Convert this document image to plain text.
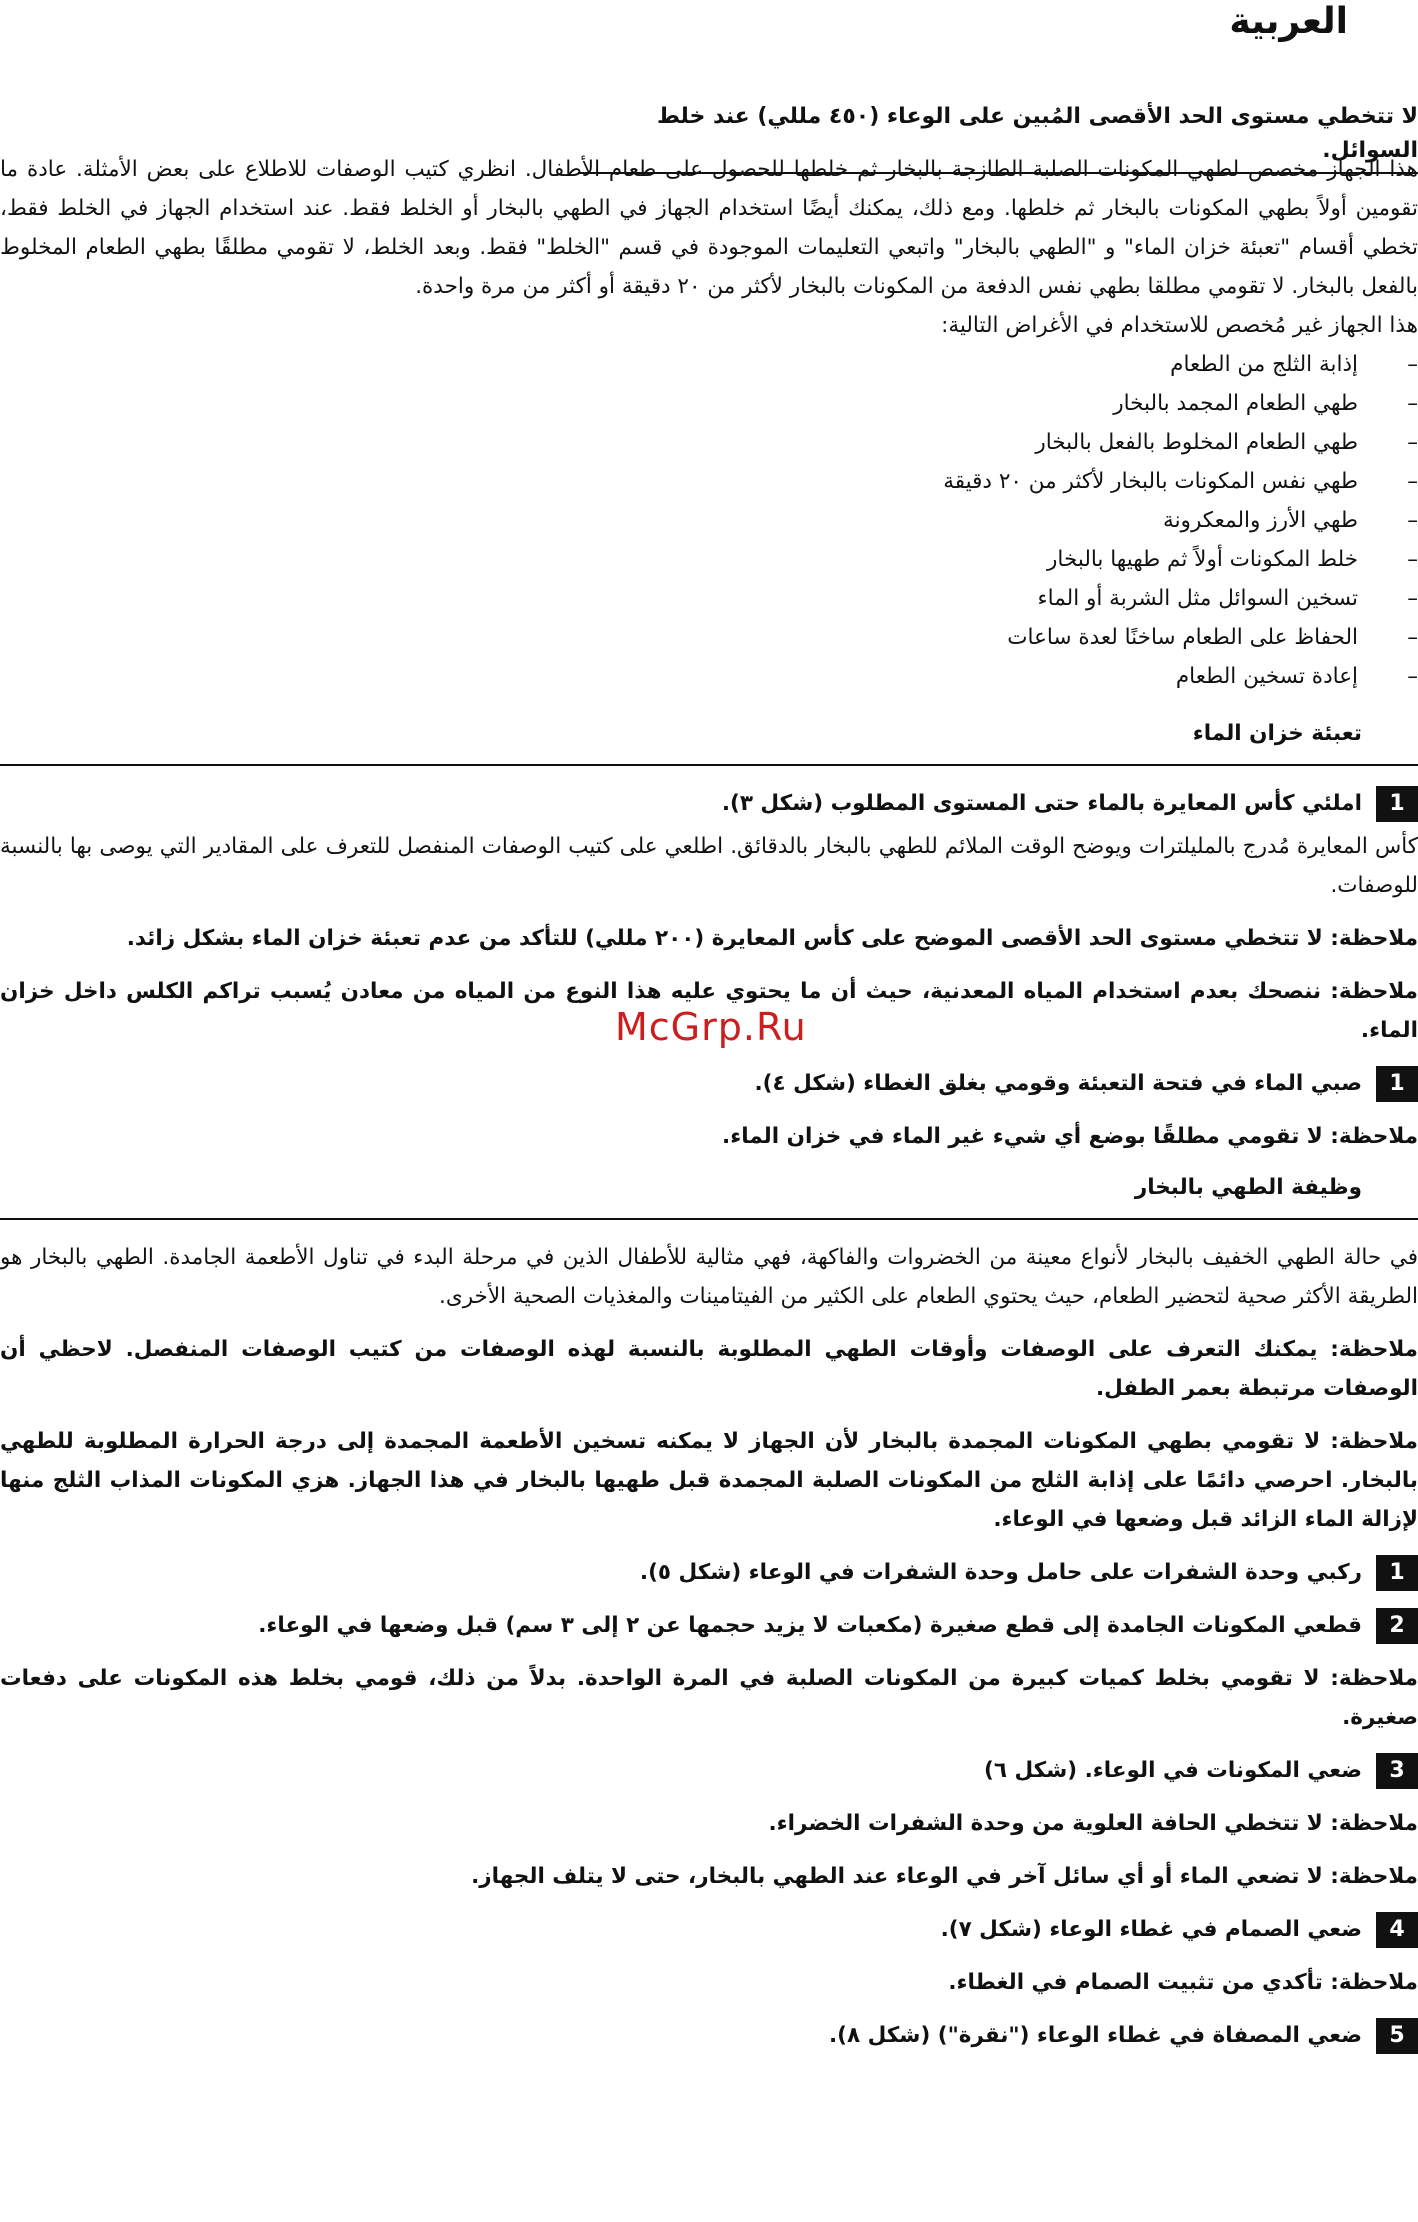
العربية
لا تتخطي مستوى الحد الأقصى المُبين على الوعاء (٤٥٠ مللي) عند خلط السوائل.

هذا الجهاز مخصص لطهي المكونات الصلبة الطازجة بالبخار ثم خلطها للحصول على طعام الأطفال. انظري كتيب الوصفات للاطلاع على بعض الأمثلة. عادة ما تقومين أولاً بطهي المكونات بالبخار ثم خلطها. ومع ذلك، يمكنك أيضًا استخدام الجهاز في الطهي بالبخار أو الخلط فقط. عند استخدام الجهاز في الخلط فقط، تخطي أقسام "تعبئة خزان الماء" و "الطهي بالبخار" واتبعي التعليمات الموجودة في قسم "الخلط" فقط. وبعد الخلط، لا تقومي مطلقًا بطهي الطعام المخلوط بالفعل بالبخار. لا تقومي مطلقا بطهي نفس الدفعة من المكونات بالبخار لأكثر من ٢٠ دقيقة أو أكثر من مرة واحدة.

هذا الجهاز غير مُخصص للاستخدام في الأغراض التالية:

– إذابة الثلج من الطعام
– طهي الطعام المجمد بالبخار
– طهي الطعام المخلوط بالفعل بالبخار
– طهي نفس المكونات بالبخار لأكثر من ٢٠ دقيقة
– طهي الأرز والمعكرونة
– خلط المكونات أولاً ثم طهيها بالبخار
– تسخين السوائل مثل الشربة أو الماء
– الحفاظ على الطعام ساخنًا لعدة ساعات
– إعادة تسخين الطعام
تعبئة خزان الماء
1
املئي كأس المعايرة بالماء حتى المستوى المطلوب (شكل ٣).

كأس المعايرة مُدرج بالمليلترات ويوضح الوقت الملائم للطهي بالبخار بالدقائق. اطلعي على كتيب الوصفات المنفصل للتعرف على المقادير التي يوصى بها بالنسبة للوصفات.

ملاحظة: لا تتخطي مستوى الحد الأقصى الموضح على كأس المعايرة (٢٠٠ مللي) للتأكد من عدم تعبئة خزان الماء بشكل زائد.

ملاحظة: ننصحك بعدم استخدام المياه المعدنية، حيث أن ما يحتوي عليه هذا النوع من المياه من معادن يُسبب تراكم الكلس داخل خزان الماء.

1
صبي الماء في فتحة التعبئة وقومي بغلق الغطاء (شكل ٤).

ملاحظة: لا تقومي مطلقًا بوضع أي شيء غير الماء في خزان الماء.

وظيفة الطهي بالبخار

في حالة الطهي الخفيف بالبخار لأنواع معينة من الخضروات والفاكهة، فهي مثالية للأطفال الذين في مرحلة البدء في تناول الأطعمة الجامدة. الطهي بالبخار هو الطريقة الأكثر صحية لتحضير الطعام، حيث يحتوي الطعام على الكثير من الفيتامينات والمغذيات الصحية الأخرى.

ملاحظة: يمكنك التعرف على الوصفات وأوقات الطهي المطلوبة بالنسبة لهذه الوصفات من كتيب الوصفات المنفصل. لاحظي أن الوصفات مرتبطة بعمر الطفل.

ملاحظة: لا تقومي بطهي المكونات المجمدة بالبخار لأن الجهاز لا يمكنه تسخين الأطعمة المجمدة إلى درجة الحرارة المطلوبة للطهي بالبخار. احرصي دائمًا على إذابة الثلج من المكونات الصلبة المجمدة قبل طهيها بالبخار في هذا الجهاز. هزي المكونات المذاب الثلج منها لإزالة الماء الزائد قبل وضعها في الوعاء.

1
ركبي وحدة الشفرات على حامل وحدة الشفرات في الوعاء (شكل ٥).
2
قطعي المكونات الجامدة إلى قطع صغيرة (مكعبات لا يزيد حجمها عن ٢ إلى ٣ سم) قبل وضعها في الوعاء.

ملاحظة: لا تقومي بخلط كميات كبيرة من المكونات الصلبة في المرة الواحدة. بدلاً من ذلك، قومي بخلط هذه المكونات على دفعات صغيرة.

3
ضعي المكونات في الوعاء. (شكل ٦)

ملاحظة: لا تتخطي الحافة العلوية من وحدة الشفرات الخضراء.

ملاحظة: لا تضعي الماء أو أي سائل آخر في الوعاء عند الطهي بالبخار، حتى لا يتلف الجهاز.

4
ضعي الصمام في غطاء الوعاء (شكل ٧).

ملاحظة: تأكدي من تثبيت الصمام في الغطاء.

5
ضعي المصفاة في غطاء الوعاء ("نقرة") (شكل ٨).
McGrp.Ru
